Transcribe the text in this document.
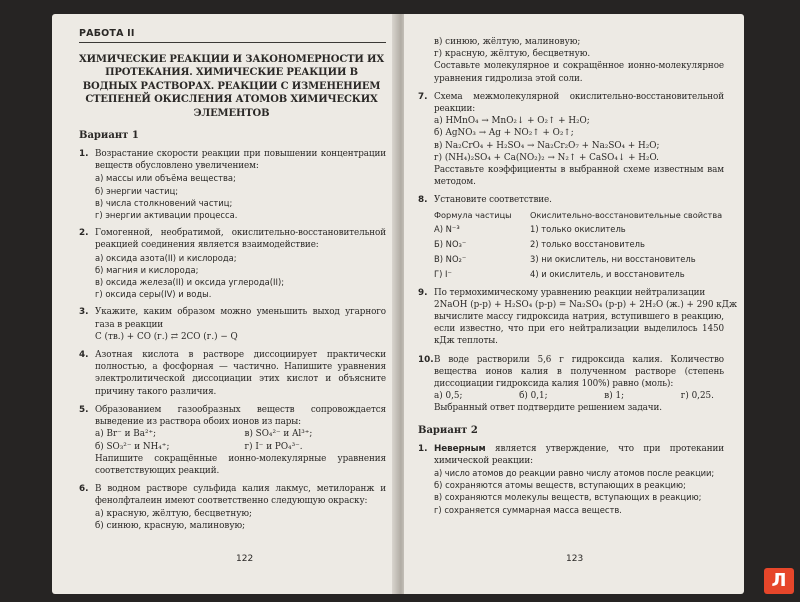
РАБОТА II
ХИМИЧЕСКИЕ РЕАКЦИИ И ЗАКОНОМЕРНОСТИ ИХ ПРОТЕКАНИЯ. ХИМИЧЕСКИЕ РЕАКЦИИ В ВОДНЫХ РАСТВОРАХ. РЕАКЦИИ С ИЗМЕНЕНИЕМ СТЕПЕНЕЙ ОКИСЛЕНИЯ АТОМОВ ХИМИЧЕСКИХ ЭЛЕМЕНТОВ
Вариант 1
1. Возрастание скорости реакции при повышении концентрации веществ обусловлено увеличением:
а) массы или объёма вещества;
б) энергии частиц;
в) числа столкновений частиц;
г) энергии активации процесса.
2. Гомогенной, необратимой, окислительно-восстановительной реакцией соединения является взаимодействие:
а) оксида азота(II) и кислорода;
б) магния и кислорода;
в) оксида железа(II) и оксида углерода(II);
г) оксида серы(IV) и воды.
3. Укажите, каким образом можно уменьшить выход угарного газа в реакции
C (тв.) + CO (г.) ⇄ 2CO (г.) − Q
4. Азотная кислота в растворе диссоциирует практически полностью, а фосфорная — частично. Напишите уравнения электролитической диссоциации этих кислот и объясните причину такого различия.
5. Образованием газообразных веществ сопровождается выведение из раствора обоих ионов из пары:
а) Br⁻ и Ba²⁺;	в) SO₄²⁻ и Al³⁺;
б) SO₃²⁻ и NH₄⁺;	г) I⁻ и PO₄³⁻.
Напишите сокращённые ионно-молекулярные уравнения соответствующих реакций.
6. В водном растворе сульфида калия лакмус, метилоранж и фенолфталеин имеют соответственно следующую окраску:
а) красную, жёлтую, бесцветную;
б) синюю, красную, малиновую;
122
в) синюю, жёлтую, малиновую;
г) красную, жёлтую, бесцветную.
Составьте молекулярное и сокращённое ионно-молекулярное уравнения гидролиза этой соли.
7. Схема межмолекулярной окислительно-восстановительной реакции:
а) HMnO₄ → MnO₂↓ + O₂↑ + H₂O;
б) AgNO₃ → Ag + NO₂↑ + O₂↑;
в) Na₂CrO₄ + H₂SO₄ → Na₂Cr₂O₇ + Na₂SO₄ + H₂O;
г) (NH₄)₂SO₄ + Ca(NO₂)₂ → N₂↑ + CaSO₄↓ + H₂O.
Расставьте коэффициенты в выбранной схеме известным вам методом.
8. Установите соответствие.
Формула частицы	Окислительно-восстановительные свойства
А) N⁻³	1) только окислитель
Б) NO₃⁻	2) только восстановитель
В) NO₂⁻	3) ни окислитель, ни восстановитель
Г) I⁻	4) и окислитель, и восстановитель
9. По термохимическому уравнению реакции нейтрализации
2NaOH (р-р) + H₂SO₄ (р-р) = Na₂SO₄ (р-р) + 2H₂O (ж.) + 290 кДж
вычислите массу гидроксида натрия, вступившего в реакцию, если известно, что при его нейтрализации выделилось 1450 кДж теплоты.
10. В воде растворили 5,6 г гидроксида калия. Количество вещества ионов калия в полученном растворе (степень диссоциации гидроксида калия 100%) равно (моль):
а) 0,5;	б) 0,1;	в) 1;	г) 0,25.
Выбранный ответ подтвердите решением задачи.
Вариант 2
1. Неверным является утверждение, что при протекании химической реакции:
а) число атомов до реакции равно числу атомов после реакции;
б) сохраняются атомы веществ, вступающих в реакцию;
в) сохраняются молекулы веществ, вступающих в реакцию;
г) сохраняется суммарная масса веществ.
123
Л
